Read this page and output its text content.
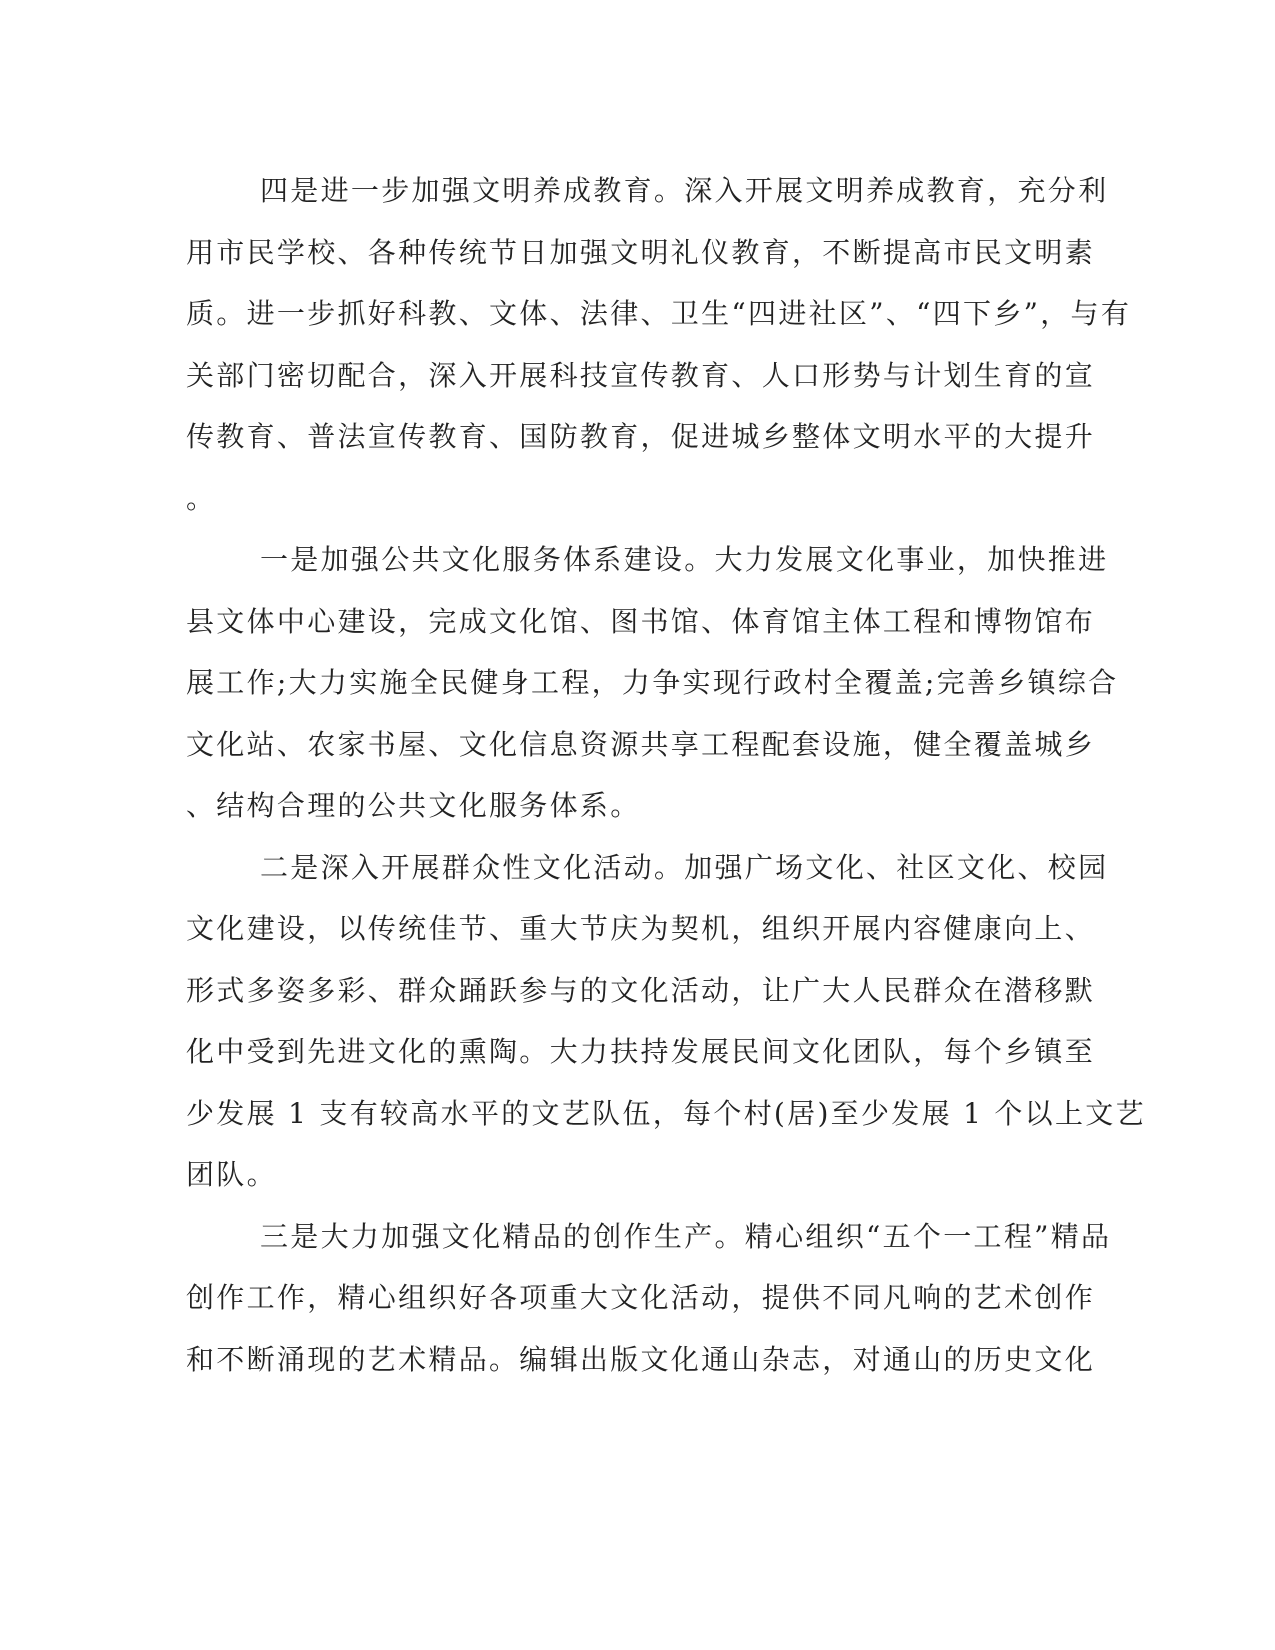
四是进一步加强文明养成教育。深入开展文明养成教育，充分利
用市民学校、各种传统节日加强文明礼仪教育，不断提高市民文明素
质。进一步抓好科教、文体、法律、卫生“四进社区”、“四下乡”，与有
关部门密切配合，深入开展科技宣传教育、人口形势与计划生育的宣
传教育、普法宣传教育、国防教育，促进城乡整体文明水平的大提升
。
一是加强公共文化服务体系建设。大力发展文化事业，加快推进
县文体中心建设，完成文化馆、图书馆、体育馆主体工程和博物馆布
展工作;大力实施全民健身工程，力争实现行政村全覆盖;完善乡镇综合
文化站、农家书屋、文化信息资源共享工程配套设施，健全覆盖城乡
、结构合理的公共文化服务体系。
二是深入开展群众性文化活动。加强广场文化、社区文化、校园
文化建设，以传统佳节、重大节庆为契机，组织开展内容健康向上、
形式多姿多彩、群众踊跃参与的文化活动，让广大人民群众在潜移默
化中受到先进文化的熏陶。大力扶持发展民间文化团队，每个乡镇至
少发展 1 支有较高水平的文艺队伍，每个村(居)至少发展 1 个以上文艺
团队。
三是大力加强文化精品的创作生产。精心组织“五个一工程”精品
创作工作，精心组织好各项重大文化活动，提供不同凡响的艺术创作
和不断涌现的艺术精品。编辑出版文化通山杂志，对通山的历史文化
